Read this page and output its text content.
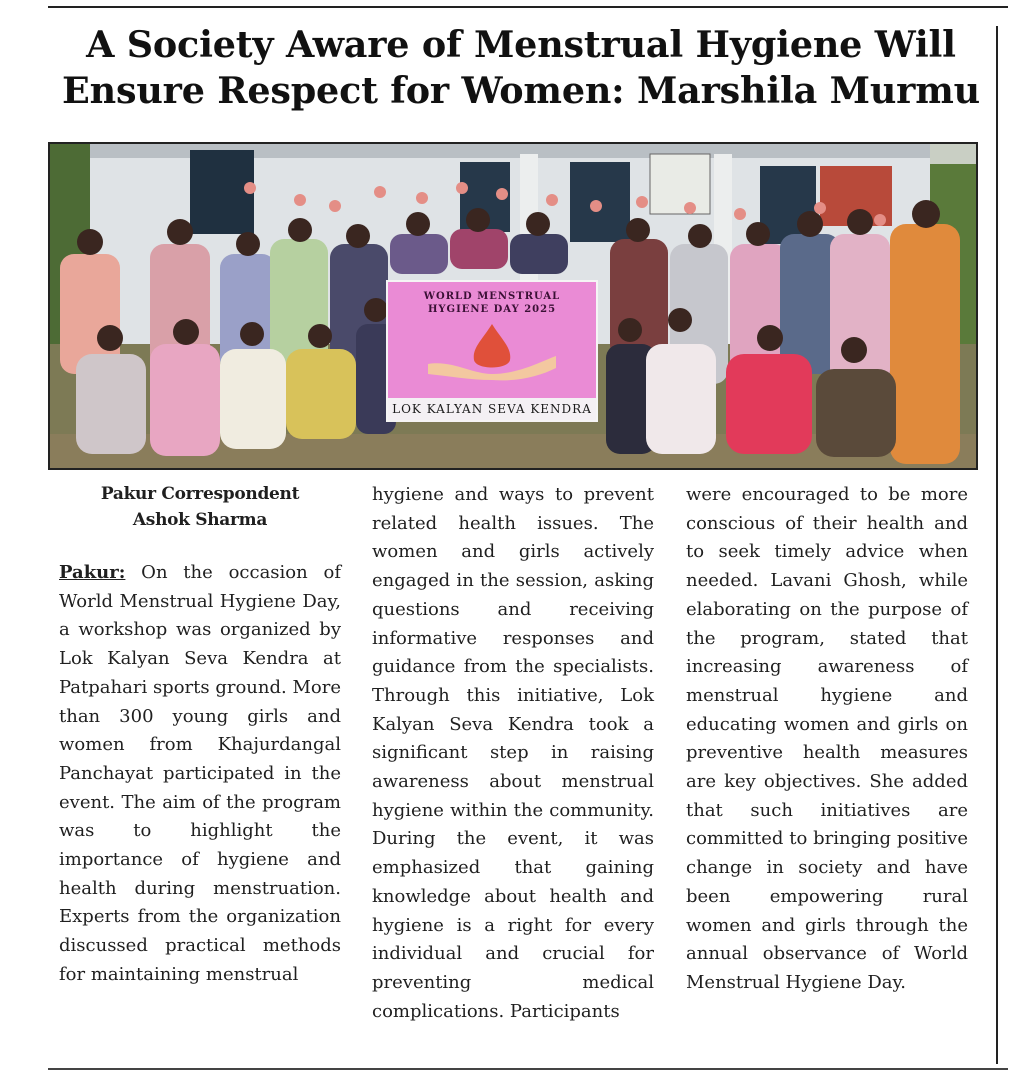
A Society Aware of Menstrual Hygiene Will Ensure Respect for Women: Marshila Murmu
WORLD MENSTRUAL HYGIENE DAY 2025
LOK KALYAN SEVA KENDRA
Pakur Correspondent
Ashok Sharma

Pakur: On the occasion of World Menstrual Hygiene Day, a workshop was organized by Lok Kalyan Seva Kendra at Patpahari sports ground. More than 300 young girls and women from Khajurdangal Panchayat participated in the event. The aim of the program was to highlight the importance of hygiene and health during menstruation. Experts from the organization discussed practical methods for maintaining menstrual

hygiene and ways to prevent related health issues. The women and girls actively engaged in the session, asking questions and receiving informative responses and guidance from the specialists. Through this initiative, Lok Kalyan Seva Kendra took a significant step in raising awareness about menstrual hygiene within the community. During the event, it was emphasized that gaining knowledge about health and hygiene is a right for every individual and crucial for preventing medical complications. Participants

were encouraged to be more conscious of their health and to seek timely advice when needed. Lavani Ghosh, while elaborating on the purpose of the program, stated that increasing awareness of menstrual hygiene and educating women and girls on preventive health measures are key objectives. She added that such initiatives are committed to bringing positive change in society and have been empowering rural women and girls through the annual observance of World Menstrual Hygiene Day.
